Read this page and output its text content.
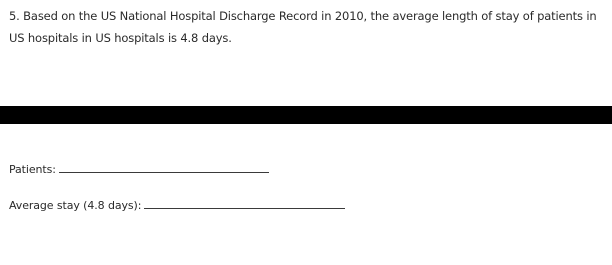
5. Based on the US National Hospital Discharge Record in 2010, the average length of stay of patients in US hospitals in US hospitals is 4.8 days.
Patients:
Average stay (4.8 days):
